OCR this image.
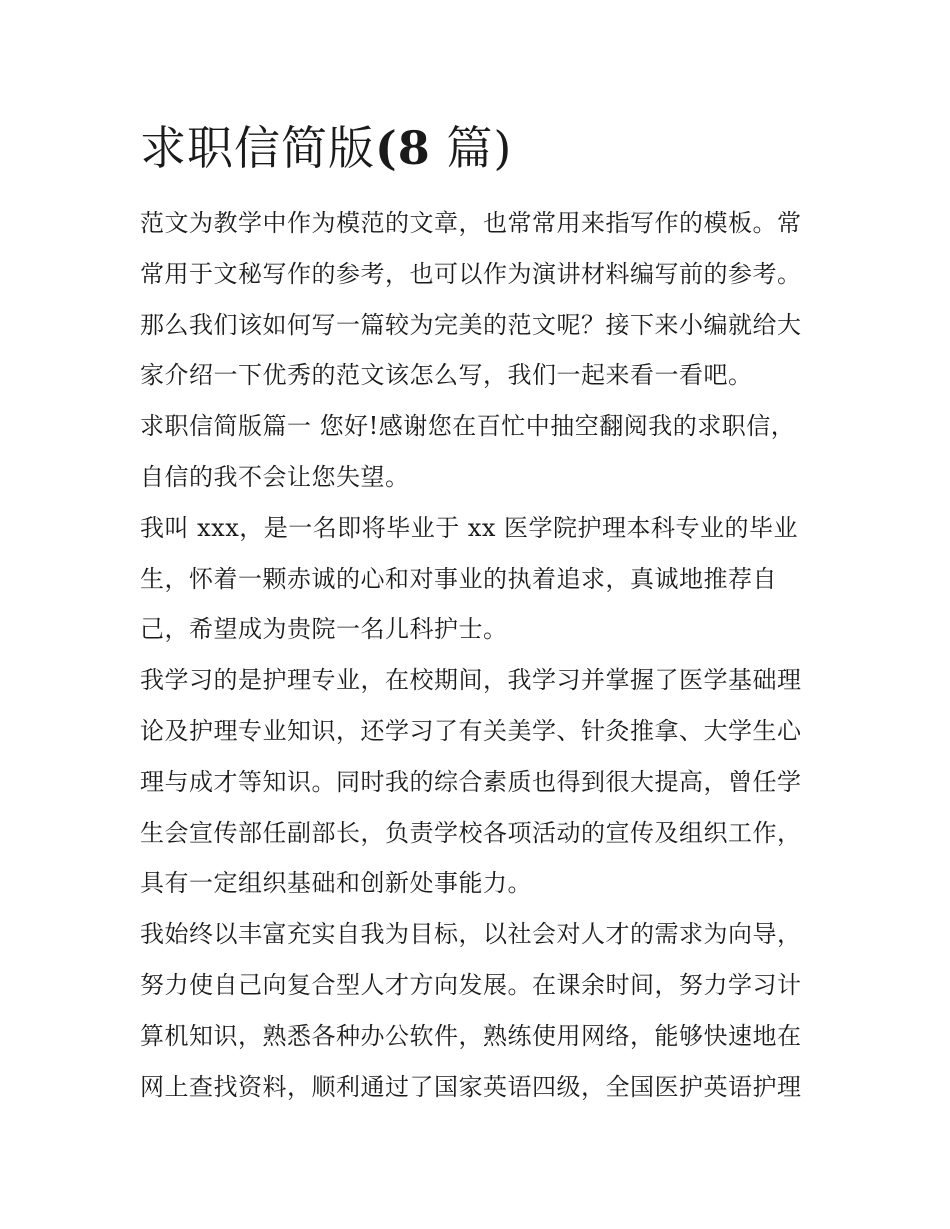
求职信简版(8 篇)
范文为教学中作为模范的文章，也常常用来指写作的模板。常
常用于文秘写作的参考，也可以作为演讲材料编写前的参考。
那么我们该如何写一篇较为完美的范文呢？接下来小编就给大
家介绍一下优秀的范文该怎么写，我们一起来看一看吧。
求职信简版篇一 您好!感谢您在百忙中抽空翻阅我的求职信，
自信的我不会让您失望。
我叫 xxx，是一名即将毕业于 xx 医学院护理本科专业的毕业
生，怀着一颗赤诚的心和对事业的执着追求，真诚地推荐自
己，希望成为贵院一名儿科护士。
我学习的是护理专业，在校期间，我学习并掌握了医学基础理
论及护理专业知识，还学习了有关美学、针灸推拿、大学生心
理与成才等知识。同时我的综合素质也得到很大提高，曾任学
生会宣传部任副部长，负责学校各项活动的宣传及组织工作，
具有一定组织基础和创新处事能力。
我始终以丰富充实自我为目标，以社会对人才的需求为向导，
努力使自己向复合型人才方向发展。在课余时间，努力学习计
算机知识，熟悉各种办公软件，熟练使用网络，能够快速地在
网上查找资料，顺利通过了国家英语四级，全国医护英语护理
